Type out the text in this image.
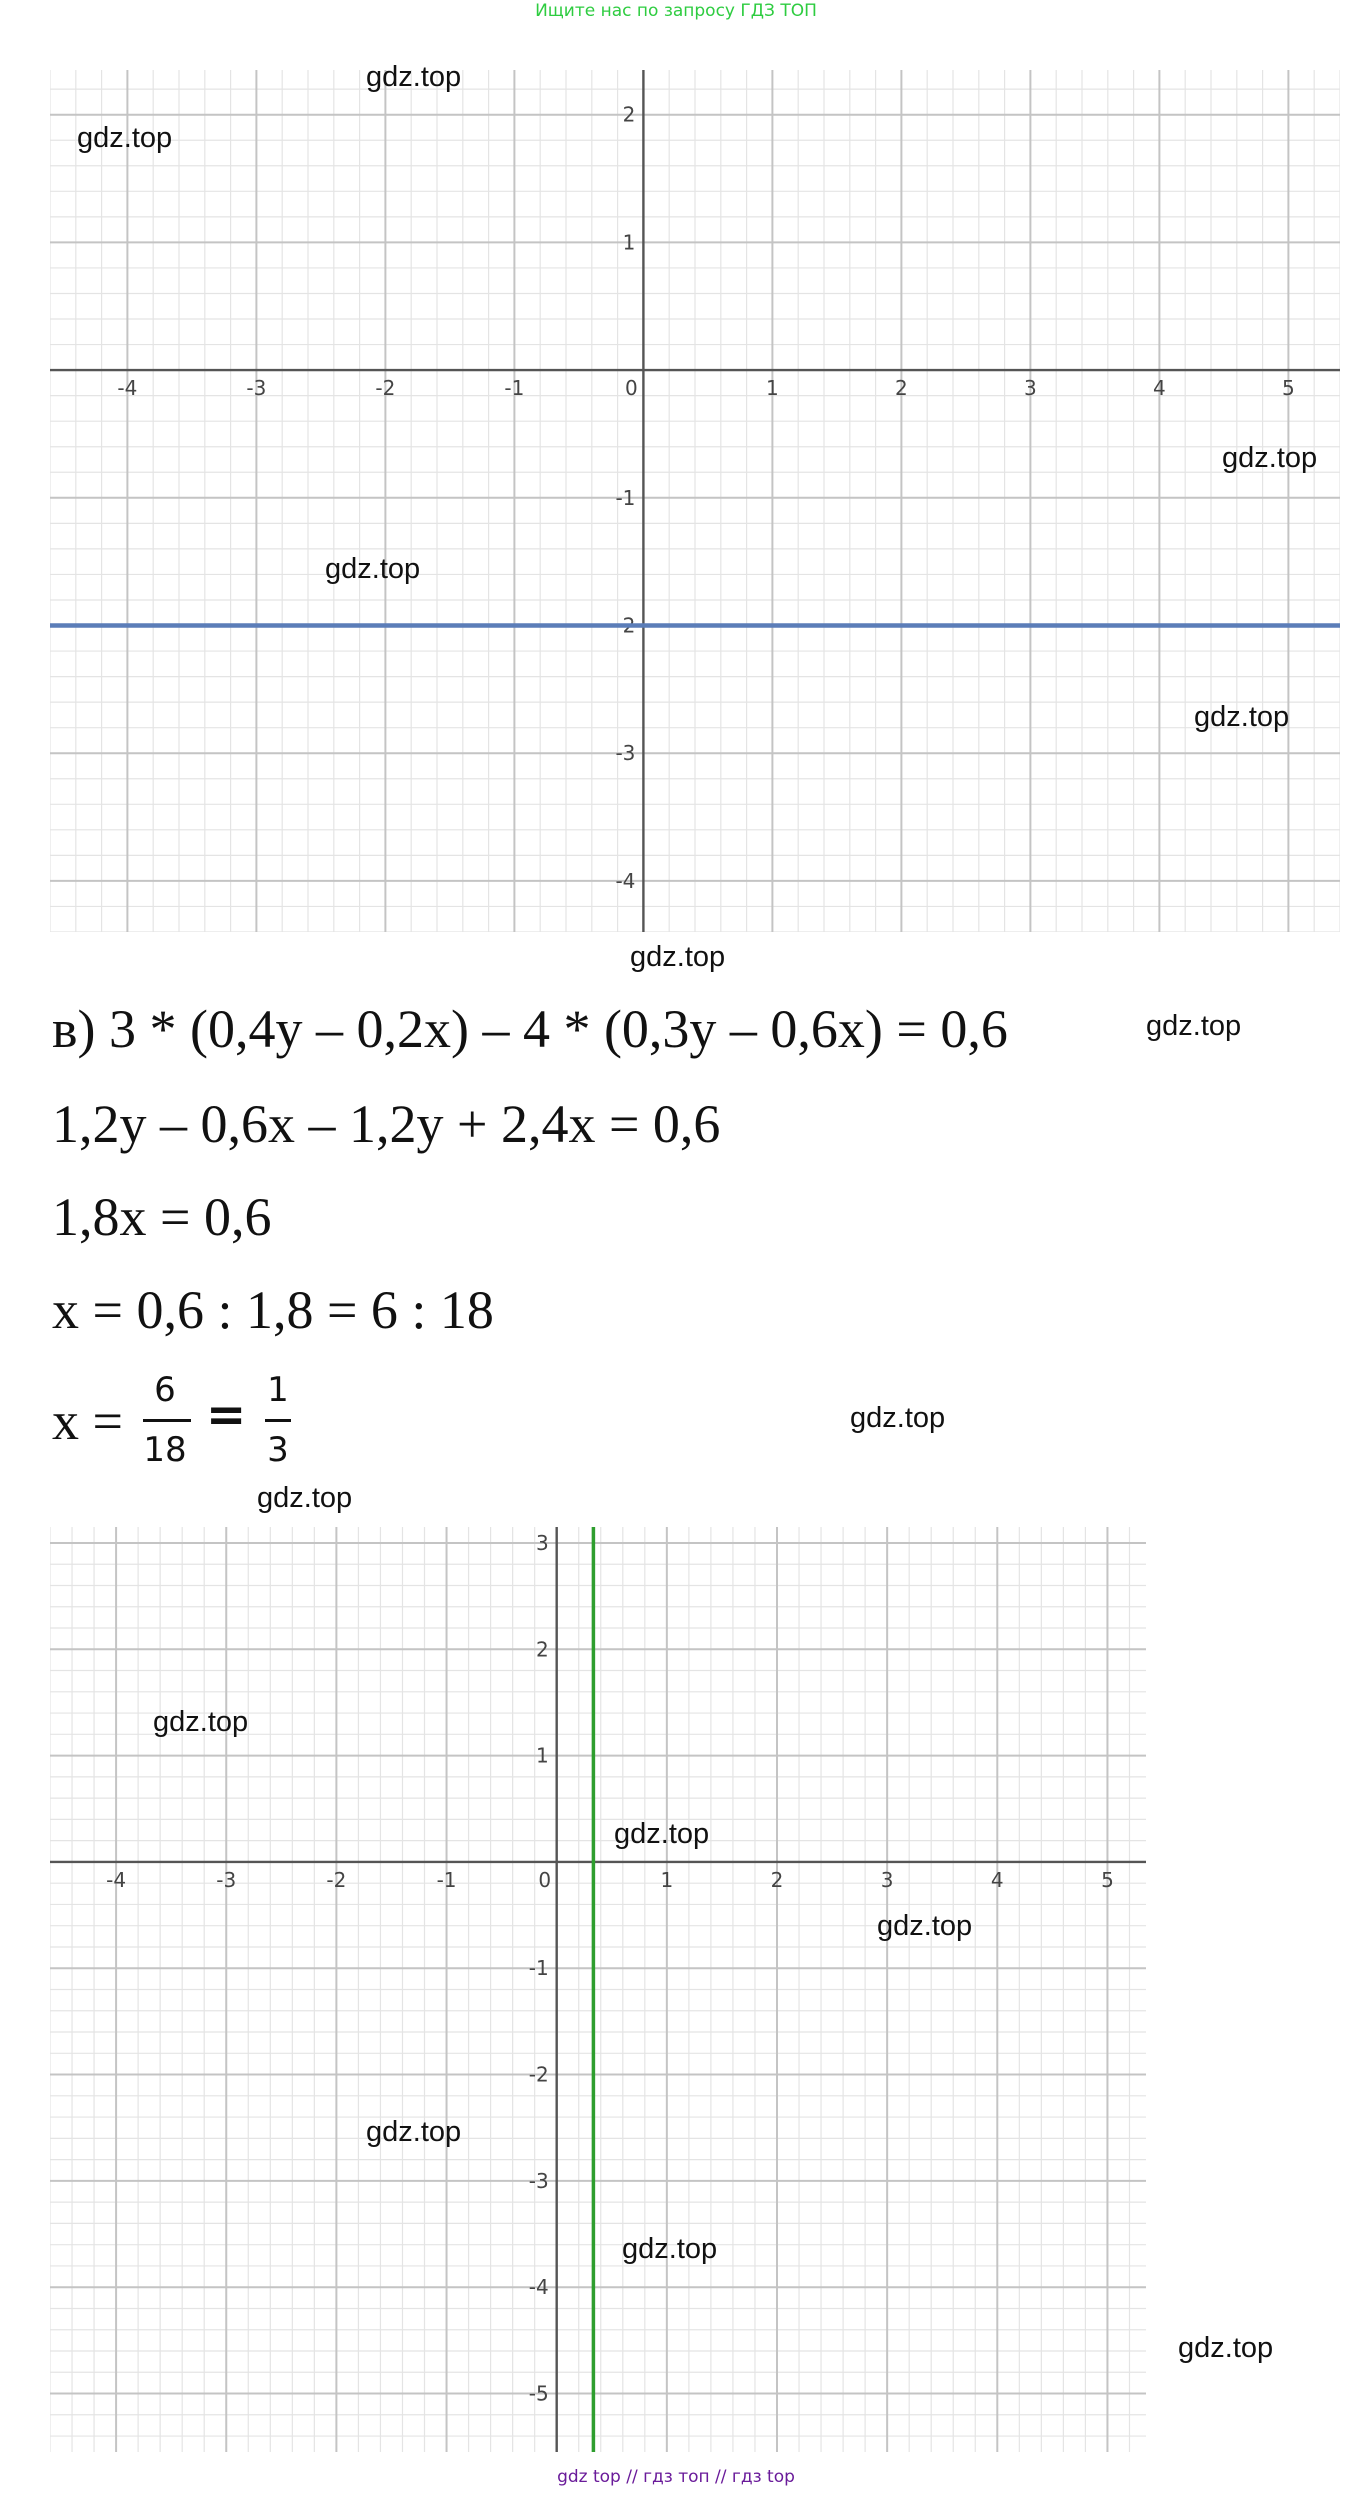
Ищите нас по запросу ГДЗ ТОП
-4	-3	-2	-1	0	1	2	3	4	5
-4
-3
-2
-1
1
2
в) 3 * (0,4y – 0,2x) – 4 * (0,3y – 0,6x) = 0,6
1,2y – 0,6x – 1,2y + 2,4x = 0,6
1,8x = 0,6
x = 0,6 : 1,8 = 6 : 18
x =
6
18
= 1
3
-4	-3	-2	-1	0	1	2	3	4	5
-5
-4
-3
-2
-1
1
2
3
gdz.top
gdz.top
gdz.top
gdz.top
gdz.top
gdz.top
gdz.top
gdz.top
gdz.top
gdz.top
gdz.top
gdz.top
gdz.top
gdz.top
gdz.top
gdz top // гдз топ // гдз top
